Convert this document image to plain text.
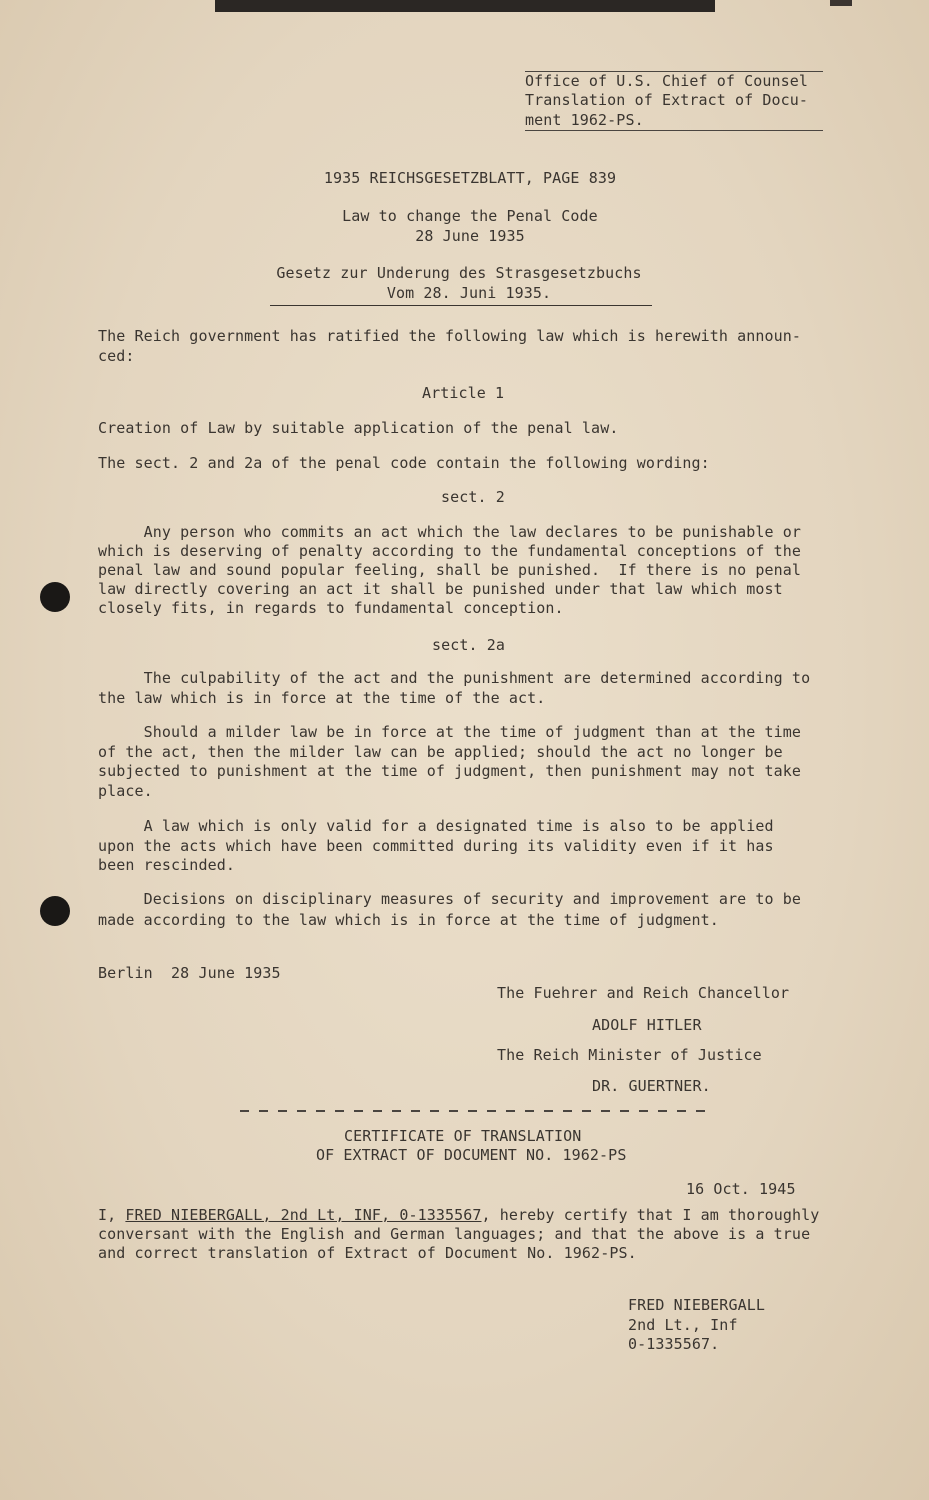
Office of U.S. Chief of Counsel
Translation of Extract of Docu-
ment 1962-PS.
1935 REICHSGESETZBLATT, PAGE 839
Law to change the Penal Code
28 June 1935
Gesetz zur Underung des Strasgesetzbuchs
Vom 28. Juni 1935.
The Reich government has ratified the following law which is herewith announ-
ced:
Article 1
Creation of Law by suitable application of the penal law.
The sect. 2 and 2a of the penal code contain the following wording:
sect. 2
Any person who commits an act which the law declares to be punishable or
which is deserving of penalty according to the fundamental conceptions of the
penal law and sound popular feeling, shall be punished.  If there is no penal
law directly covering an act it shall be punished under that law which most
closely fits, in regards to fundamental conception.
sect. 2a
The culpability of the act and the punishment are determined according to
the law which is in force at the time of the act.
Should a milder law be in force at the time of judgment than at the time
of the act, then the milder law can be applied; should the act no longer be
subjected to punishment at the time of judgment, then punishment may not take
place.
A law which is only valid for a designated time is also to be applied
upon the acts which have been committed during its validity even if it has
been rescinded.
Decisions on disciplinary measures of security and improvement are to be
made according to the law which is in force at the time of judgment.
Berlin  28 June 1935
The Fuehrer and Reich Chancellor
ADOLF HITLER
The Reich Minister of Justice
DR. GUERTNER.
CERTIFICATE OF TRANSLATION
OF EXTRACT OF DOCUMENT NO. 1962-PS
16 Oct. 1945
I, FRED NIEBERGALL, 2nd Lt, INF, 0-1335567, hereby certify that I am thoroughly
conversant with the English and German languages; and that the above is a true
and correct translation of Extract of Document No. 1962-PS.
FRED NIEBERGALL
2nd Lt., Inf
0-1335567.
